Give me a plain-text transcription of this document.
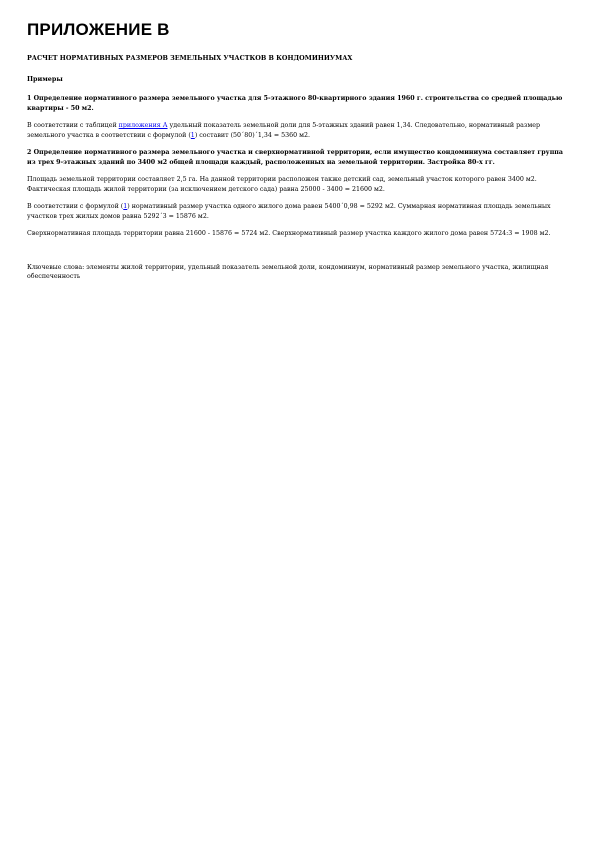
ПРИЛОЖЕНИЕ В
РАСЧЕТ НОРМАТИВНЫХ РАЗМЕРОВ ЗЕМЕЛЬНЫХ УЧАСТКОВ В КОНДОМИНИУМАХ
Примеры

1 Определение нормативного размера земельного участка для 5-этажного 80-квартирного здания 1960 г. строительства со средней площадью квартиры - 50 м2.

В соответствии с таблицей приложения А удельный показатель земельной доли для 5-этажных зданий равен 1,34. Следовательно, нормативный размер земельного участка в соответствии с формулой (1) составит (50´80)´1,34 = 5360 м2.

2 Определение нормативного размера земельного участка и сверхнормативной территории, если имущество кондоминиума составляет группа из трех 9-этажных зданий по 3400 м2 общей площади каждый, расположенных на земельной территории. Застройка 80-х гг.

Площадь земельной территории составляет 2,5 га. На данной территории расположен также детский сад, земельный участок которого равен 3400 м2. Фактическая площадь жилой территории (за исключением детского сада) равна 25000 - 3400 = 21600 м2.

В соответствии с формулой (1) нормативный размер участка одного жилого дома равен 5400´0,98 = 5292 м2. Суммарная нормативная площадь земельных участков трех жилых домов равна 5292´3 = 15876 м2.

Сверхнормативная площадь территории равна 21600 - 15876 = 5724 м2. Сверхнормативный размер участка каждого жилого дома равен 5724:3 = 1908 м2.

Ключевые слова: элементы жилой территории, удельный показатель земельной доли, кондоминиум, нормативный размер земельного участка, жилищная обеспеченность
